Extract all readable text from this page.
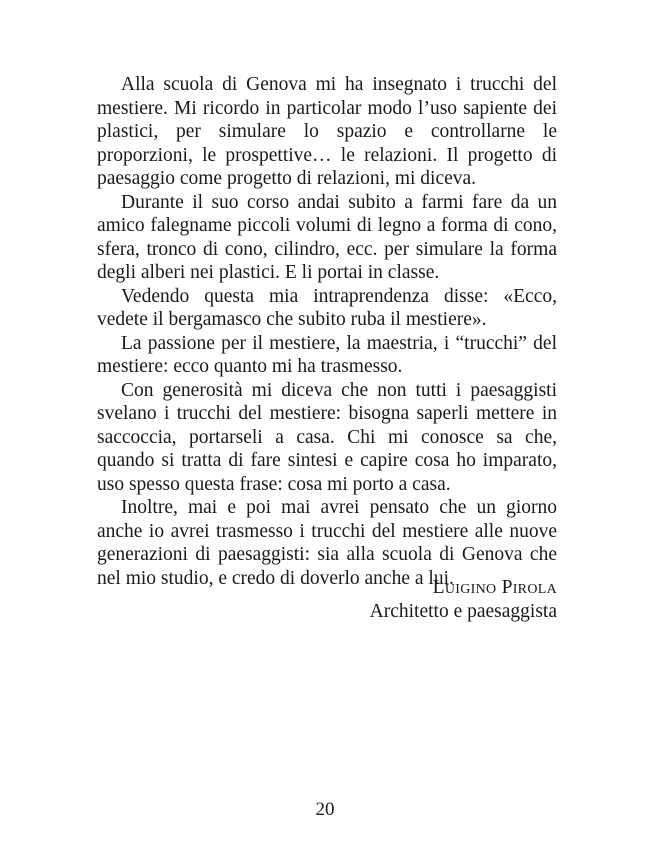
Alla scuola di Genova mi ha insegnato i trucchi del mestiere. Mi ricordo in particolar modo l’uso sapiente dei plastici, per simulare lo spazio e controllarne le proporzioni, le prospettive… le relazioni. Il progetto di paesaggio come progetto di relazioni, mi diceva.

Durante il suo corso andai subito a farmi fare da un amico falegname piccoli volumi di legno a forma di cono, sfera, tronco di cono, cilindro, ecc. per simulare la forma degli alberi nei plastici. E li portai in classe.

Vedendo questa mia intraprendenza disse: «Ecco, vedete il bergamasco che subito ruba il mestiere».

La passione per il mestiere, la maestria, i “trucchi” del mestiere: ecco quanto mi ha trasmesso.

Con generosità mi diceva che non tutti i paesaggisti svelano i trucchi del mestiere: bisogna saperli mettere in saccoccia, portarseli a casa. Chi mi conosce sa che, quando si tratta di fare sintesi e capire cosa ho imparato, uso spesso questa frase: cosa mi porto a casa.

Inoltre, mai e poi mai avrei pensato che un giorno anche io avrei trasmesso i trucchi del mestiere alle nuove generazioni di paesaggisti: sia alla scuola di Genova che nel mio studio, e credo di doverlo anche a lui.

Luigino Pirola
Architetto e paesaggista
20
